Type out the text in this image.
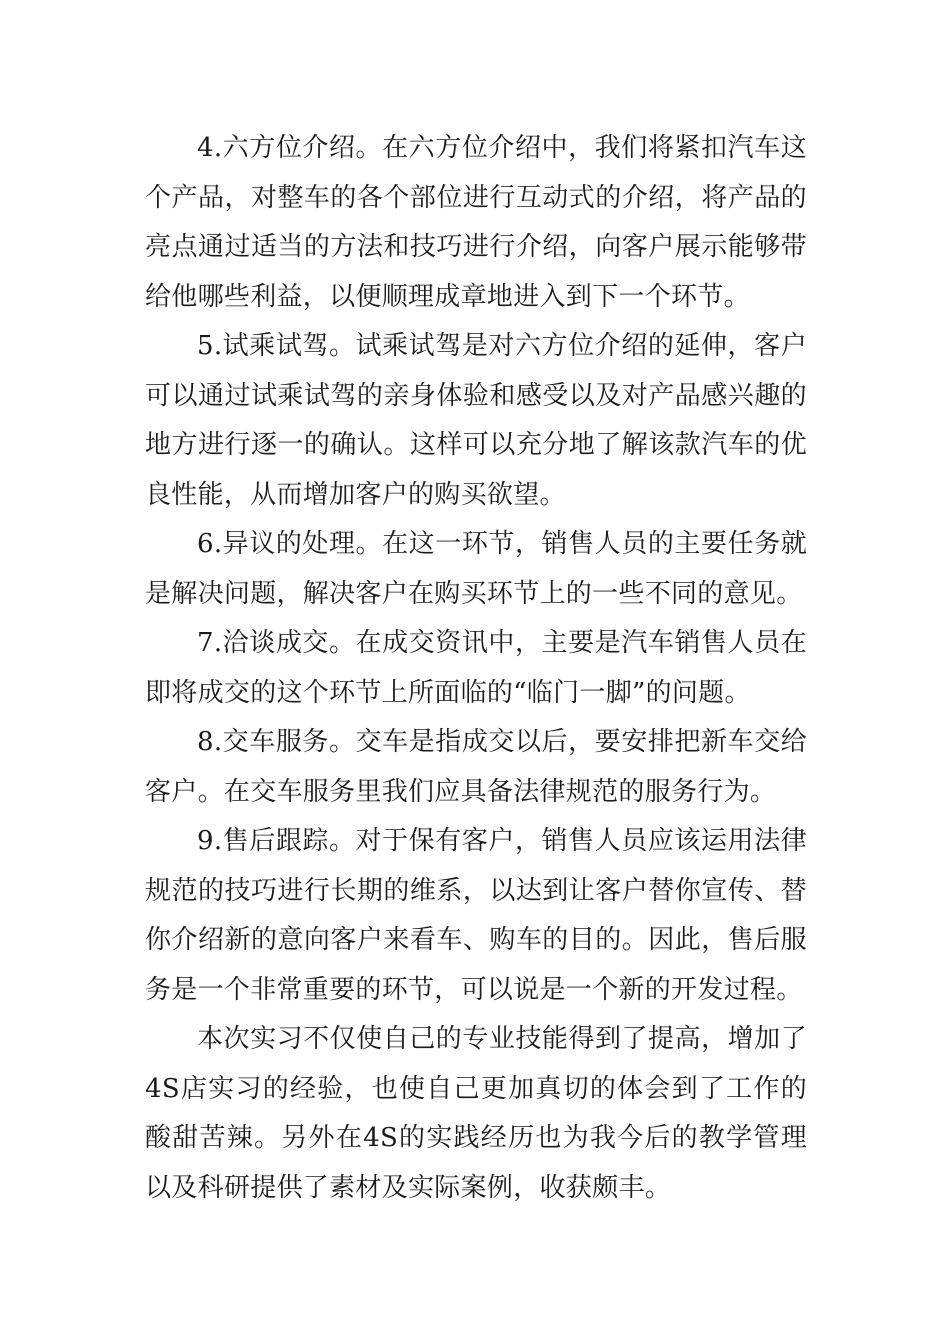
4.六方位介绍。在六方位介绍中，我们将紧扣汽车这个产品，对整车的各个部位进行互动式的介绍，将产品的亮点通过适当的方法和技巧进行介绍，向客户展示能够带给他哪些利益，以便顺理成章地进入到下一个环节。

5.试乘试驾。试乘试驾是对六方位介绍的延伸，客户可以通过试乘试驾的亲身体验和感受以及对产品感兴趣的地方进行逐一的确认。这样可以充分地了解该款汽车的优良性能，从而增加客户的购买欲望。

6.异议的处理。在这一环节，销售人员的主要任务就是解决问题，解决客户在购买环节上的一些不同的意见。

7.洽谈成交。在成交资讯中，主要是汽车销售人员在即将成交的这个环节上所面临的“临门一脚”的问题。

8.交车服务。交车是指成交以后，要安排把新车交给客户。在交车服务里我们应具备法律规范的服务行为。

9.售后跟踪。对于保有客户，销售人员应该运用法律规范的技巧进行长期的维系，以达到让客户替你宣传、替你介绍新的意向客户来看车、购车的目的。因此，售后服务是一个非常重要的环节，可以说是一个新的开发过程。

本次实习不仅使自己的专业技能得到了提高，增加了4S店实习的经验，也使自己更加真切的体会到了工作的酸甜苦辣。另外在4S的实践经历也为我今后的教学管理以及科研提供了素材及实际案例，收获颇丰。
